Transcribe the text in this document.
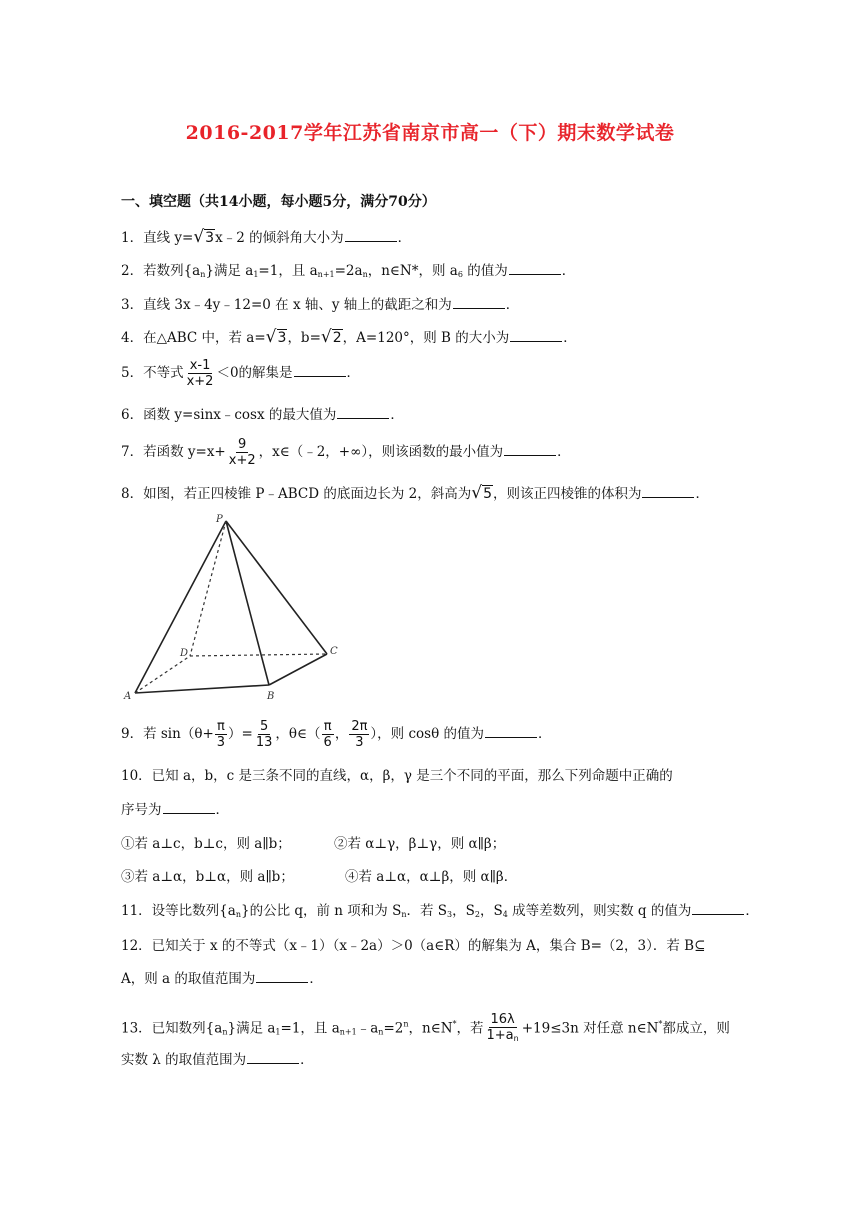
2016-2017学年江苏省南京市高一（下）期末数学试卷
一、填空题（共14小题，每小题5分，满分70分）
1．直线 y=√3x﹣2 的倾斜角大小为	．
2．若数列$\{a_n\}$满足 $a_1=1$，且 $a_{n+1}=2a_n$，n∈N*，则 $a_6$ 的值为	．
3．直线 3x﹣4y﹣12=0 在 x 轴、y 轴上的截距之和为	．
4．在△ABC 中，若 a=√3，b=√2，A=120°，则 B 的大小为	．
5．不等式 $\frac{x-1}{x+2} <0$的解集是	．
6．函数 y=sinx﹣cosx 的最大值为	．
7．若函数 $y=x+ \frac{9}{x+2}$ ，x∈（﹣2，+∞），则该函数的最小值为	．
8．如图，若正四棱锥 P﹣ABCD 的底面边长为 2，斜高为√5，则该正四棱锥的体积为	．
P
A	B
C
D
9．若 $\sin(\theta+ \frac{\pi}{3}$ ）= $\frac{5}{13}$ ，θ∈（ $\frac{\pi}{6}$ ， $\frac{2\pi}{3}$ ），则 cosθ 的值为	．
10．已知 a，b，c 是三条不同的直线，α，β，γ 是三个不同的平面，那么下列命题中正确的
序号为	．
①若 a⊥c，b⊥c，则 a∥b；	②若 α⊥γ，β⊥γ，则 α∥β；
③若 a⊥α，b⊥α，则 a∥b；	④若 a⊥α，α⊥β，则 α∥β．
11．设等比数列$\{a_n\}$的公比 q，前 n 项和为 $S_n$．若 $S_3$，$S_2$，$S_4$ 成等差数列，则实数 q 的值为	．
12．已知关于 x 的不等式（x﹣1）（x﹣2a）＞0（a∈R）的解集为 A，集合 B=（2，3）．若 B⊆
A，则 a 的取值范围为	．
13．已知数列$\{a_n\}$满足 $a_1=1$，且 $a_{n+1}﹣a_n=2^n$，n∈N*，若 $\frac{16\lambda}{1+a_n} +19\le 3n$ 对任意 n∈N*都成立，则
实数 λ 的取值范围为	．
